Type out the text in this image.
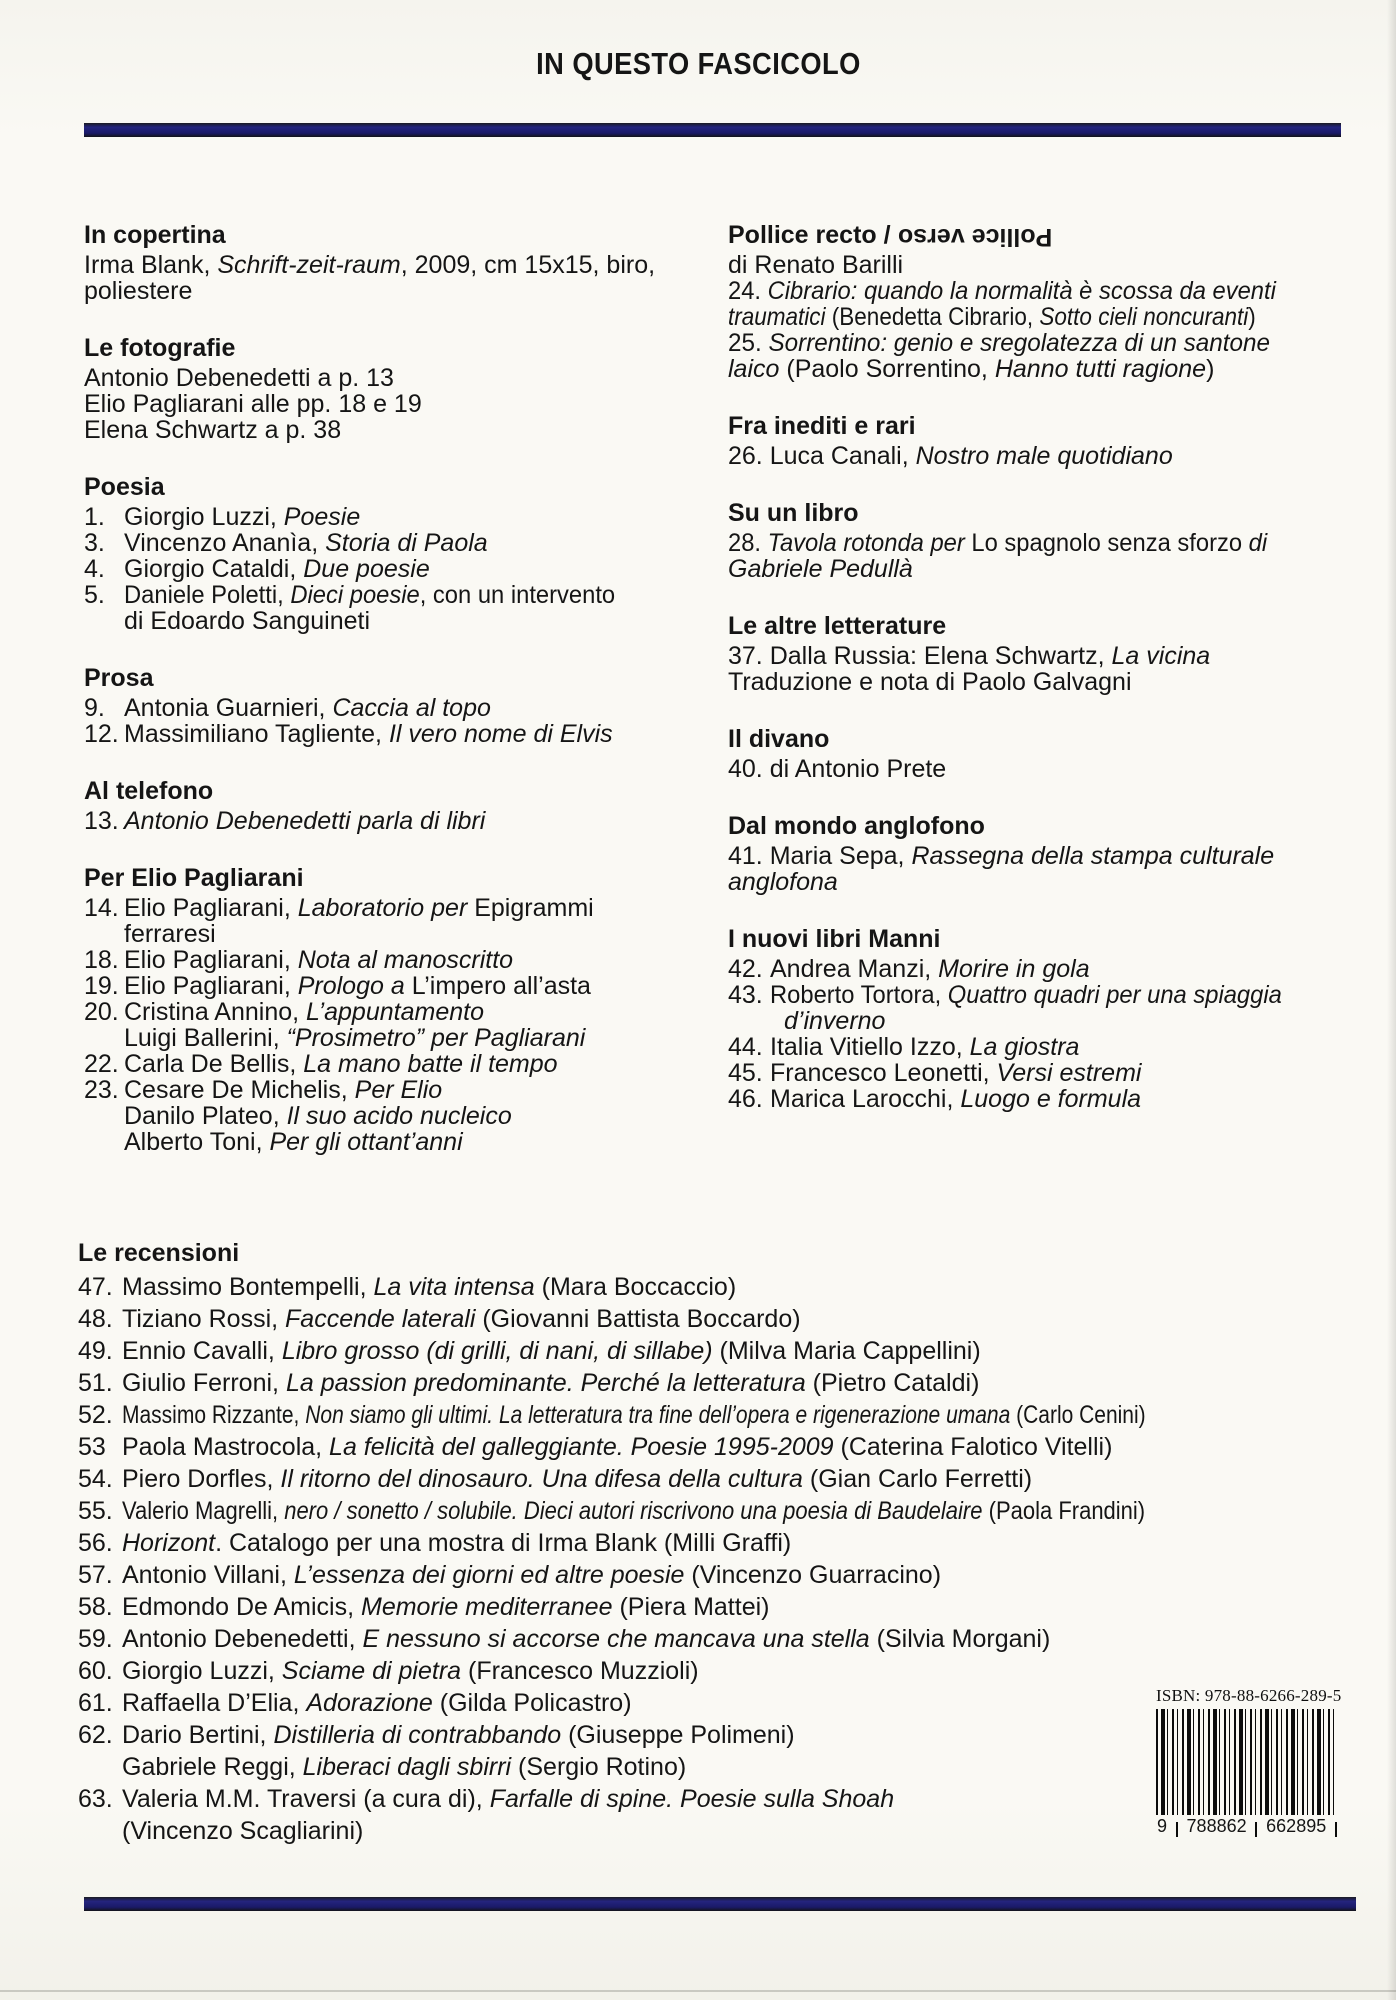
IN QUESTO FASCICOLO

In copertina

Irma Blank, Schrift-zeit-raum, 2009, cm 15x15, biro,

poliestere

Le fotografie

Antonio Debenedetti a p. 13

Elio Pagliarani alle pp. 18 e 19

Elena Schwartz a p. 38

Poesia

1. Giorgio Luzzi, Poesie

3. Vincenzo Ananìa, Storia di Paola

4. Giorgio Cataldi, Due poesie

5. Daniele Poletti, Dieci poesie, con un intervento

di Edoardo Sanguineti

Prosa

9. Antonia Guarnieri, Caccia al topo

12. Massimiliano Tagliente, Il vero nome di Elvis

Al telefono

13. Antonio Debenedetti parla di libri

Per Elio Pagliarani

14. Elio Pagliarani, Laboratorio per Epigrammi

ferraresi

18. Elio Pagliarani, Nota al manoscritto

19. Elio Pagliarani, Prologo a L’impero all’asta

20. Cristina Annino, L’appuntamento

Luigi Ballerini, “Prosimetro” per Pagliarani

22. Carla De Bellis, La mano batte il tempo

23. Cesare De Michelis, Per Elio

Danilo Plateo, Il suo acido nucleico

Alberto Toni, Per gli ottant’anni

Pollice recto / Pollice verso

di Renato Barilli

24. Cibrario: quando la normalità è scossa da eventi

traumatici (Benedetta Cibrario, Sotto cieli noncuranti)

25. Sorrentino: genio e sregolatezza di un santone

laico (Paolo Sorrentino, Hanno tutti ragione)

Fra inediti e rari

26. Luca Canali, Nostro male quotidiano

Su un libro

28. Tavola rotonda per Lo spagnolo senza sforzo di

Gabriele Pedullà

Le altre letterature

37. Dalla Russia: Elena Schwartz, La vicina

Traduzione e nota di Paolo Galvagni

Il divano

40. di Antonio Prete

Dal mondo anglofono

41. Maria Sepa, Rassegna della stampa culturale

anglofona

I nuovi libri Manni

42. Andrea Manzi, Morire in gola

43. Roberto Tortora, Quattro quadri per una spiaggia

d’inverno

44. Italia Vitiello Izzo, La giostra

45. Francesco Leonetti, Versi estremi

46. Marica Larocchi, Luogo e formula

Le recensioni

47. Massimo Bontempelli, La vita intensa (Mara Boccaccio)

48. Tiziano Rossi, Faccende laterali (Giovanni Battista Boccardo)

49. Ennio Cavalli, Libro grosso (di grilli, di nani, di sillabe) (Milva Maria Cappellini)

51. Giulio Ferroni, La passion predominante. Perché la letteratura (Pietro Cataldi)

52. Massimo Rizzante, Non siamo gli ultimi. La letteratura tra fine dell’opera e rigenerazione umana (Carlo Cenini)

53 Paola Mastrocola, La felicità del galleggiante. Poesie 1995-2009 (Caterina Falotico Vitelli)

54. Piero Dorfles, Il ritorno del dinosauro. Una difesa della cultura (Gian Carlo Ferretti)

55. Valerio Magrelli, nero / sonetto / solubile. Dieci autori riscrivono una poesia di Baudelaire (Paola Frandini)

56. Horizont. Catalogo per una mostra di Irma Blank (Milli Graffi)

57. Antonio Villani, L’essenza dei giorni ed altre poesie (Vincenzo Guarracino)

58. Edmondo De Amicis, Memorie mediterranee (Piera Mattei)

59. Antonio Debenedetti, E nessuno si accorse che mancava una stella (Silvia Morgani)

60. Giorgio Luzzi, Sciame di pietra (Francesco Muzzioli)

61. Raffaella D’Elia, Adorazione (Gilda Policastro)

62. Dario Bertini, Distilleria di contrabbando (Giuseppe Polimeni)

Gabriele Reggi, Liberaci dagli sbirri (Sergio Rotino)

63. Valeria M.M. Traversi (a cura di), Farfalle di spine. Poesie sulla Shoah

(Vincenzo Scagliarini)

ISBN: 978-88-6266-289-5
9 788862 662895
